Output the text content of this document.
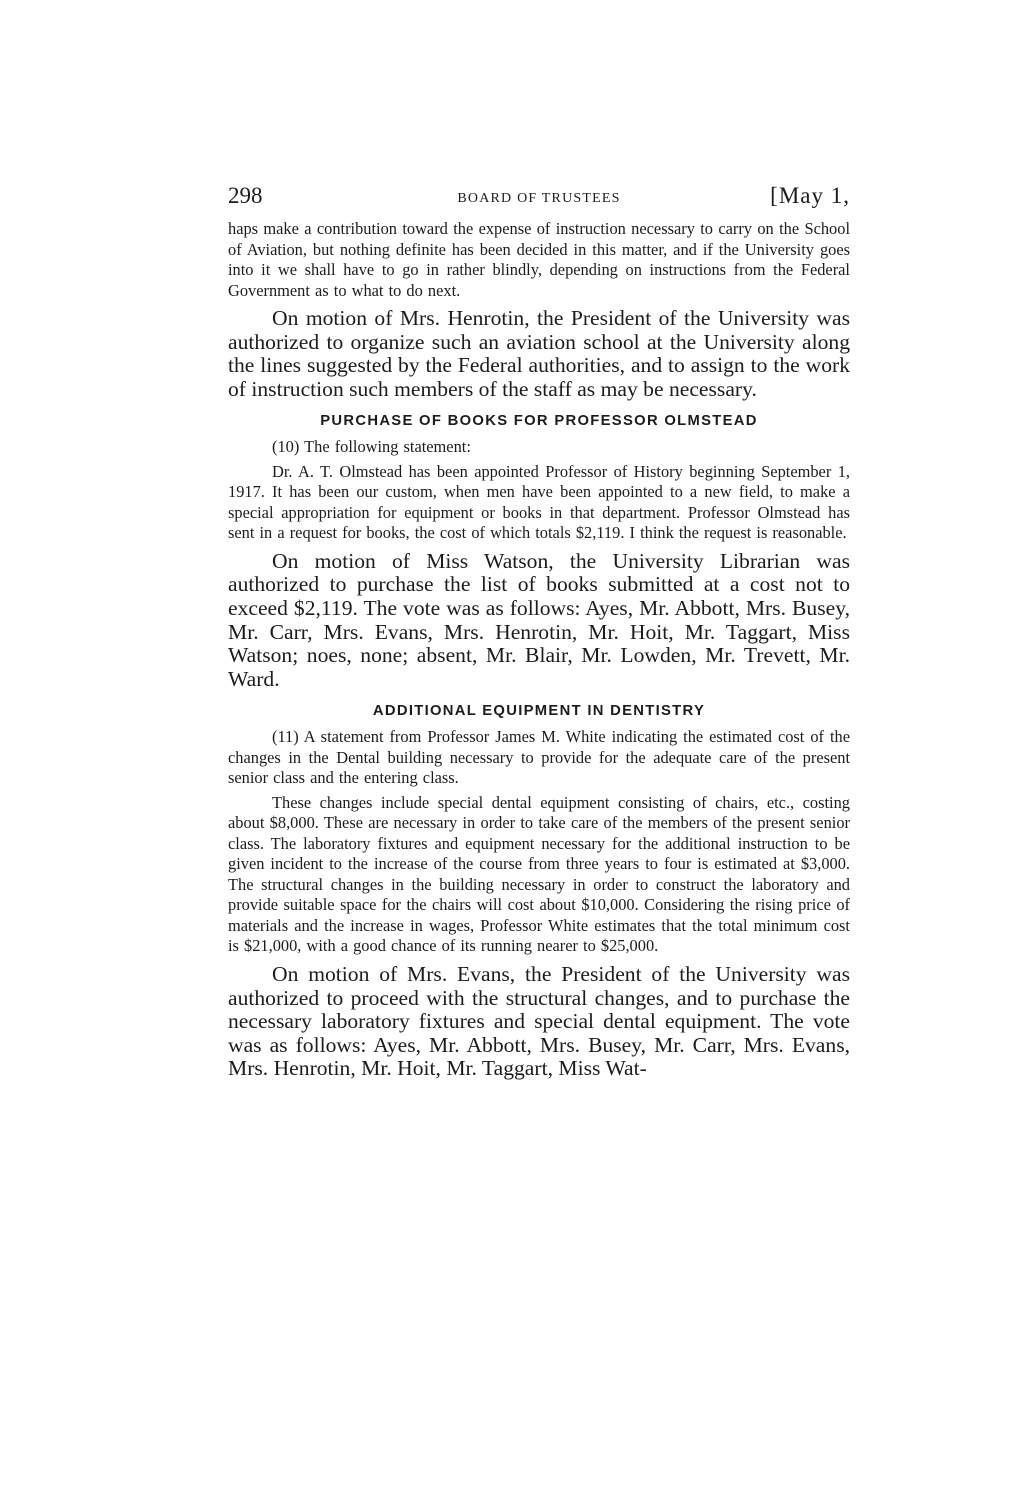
298	BOARD OF TRUSTEES	[May 1,

haps make a contribution toward the expense of instruction necessary to carry on the School of Aviation, but nothing definite has been decided in this matter, and if the University goes into it we shall have to go in rather blindly, depending on instructions from the Federal Government as to what to do next.

On motion of Mrs. Henrotin, the President of the University was authorized to organize such an aviation school at the University along the lines suggested by the Federal authorities, and to assign to the work of instruction such members of the staff as may be necessary.

PURCHASE OF BOOKS FOR PROFESSOR OLMSTEAD

(10) The following statement:

Dr. A. T. Olmstead has been appointed Professor of History beginning September 1, 1917. It has been our custom, when men have been appointed to a new field, to make a special appropriation for equipment or books in that department. Professor Olmstead has sent in a request for books, the cost of which totals $2,119. I think the request is reasonable.

On motion of Miss Watson, the University Librarian was authorized to purchase the list of books submitted at a cost not to exceed $2,119. The vote was as follows: Ayes, Mr. Abbott, Mrs. Busey, Mr. Carr, Mrs. Evans, Mrs. Henrotin, Mr. Hoit, Mr. Taggart, Miss Watson; noes, none; absent, Mr. Blair, Mr. Lowden, Mr. Trevett, Mr. Ward.

ADDITIONAL EQUIPMENT IN DENTISTRY

(11) A statement from Professor James M. White indicating the estimated cost of the changes in the Dental building necessary to provide for the adequate care of the present senior class and the entering class.

These changes include special dental equipment consisting of chairs, etc., costing about $8,000. These are necessary in order to take care of the members of the present senior class. The laboratory fixtures and equipment necessary for the additional instruction to be given incident to the increase of the course from three years to four is estimated at $3,000. The structural changes in the building necessary in order to construct the laboratory and provide suitable space for the chairs will cost about $10,000. Considering the rising price of materials and the increase in wages, Professor White estimates that the total minimum cost is $21,000, with a good chance of its running nearer to $25,000.

On motion of Mrs. Evans, the President of the University was authorized to proceed with the structural changes, and to purchase the necessary laboratory fixtures and special dental equipment. The vote was as follows: Ayes, Mr. Abbott, Mrs. Busey, Mr. Carr, Mrs. Evans, Mrs. Henrotin, Mr. Hoit, Mr. Taggart, Miss Wat-
